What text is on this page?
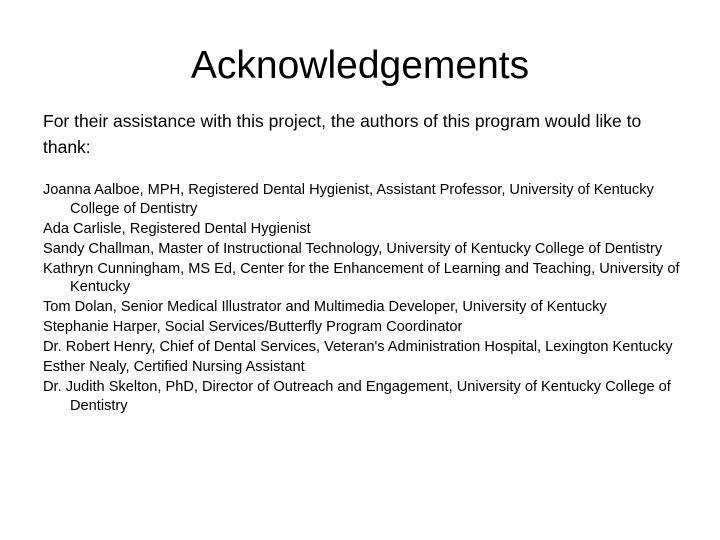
Acknowledgements

For their assistance with this project, the authors of this program would like to thank:

Joanna Aalboe, MPH, Registered Dental Hygienist, Assistant Professor, University of Kentucky College of Dentistry
Ada Carlisle, Registered Dental Hygienist
Sandy Challman, Master of Instructional Technology, University of Kentucky College of Dentistry
Kathryn Cunningham, MS Ed, Center for the Enhancement of Learning and Teaching, University of Kentucky
Tom Dolan, Senior Medical Illustrator and Multimedia Developer, University of Kentucky
Stephanie Harper, Social Services/Butterfly Program Coordinator
Dr. Robert Henry, Chief of Dental Services, Veteran's Administration Hospital, Lexington Kentucky
Esther Nealy, Certified Nursing Assistant
Dr. Judith Skelton, PhD, Director of Outreach and Engagement, University of Kentucky College of Dentistry
